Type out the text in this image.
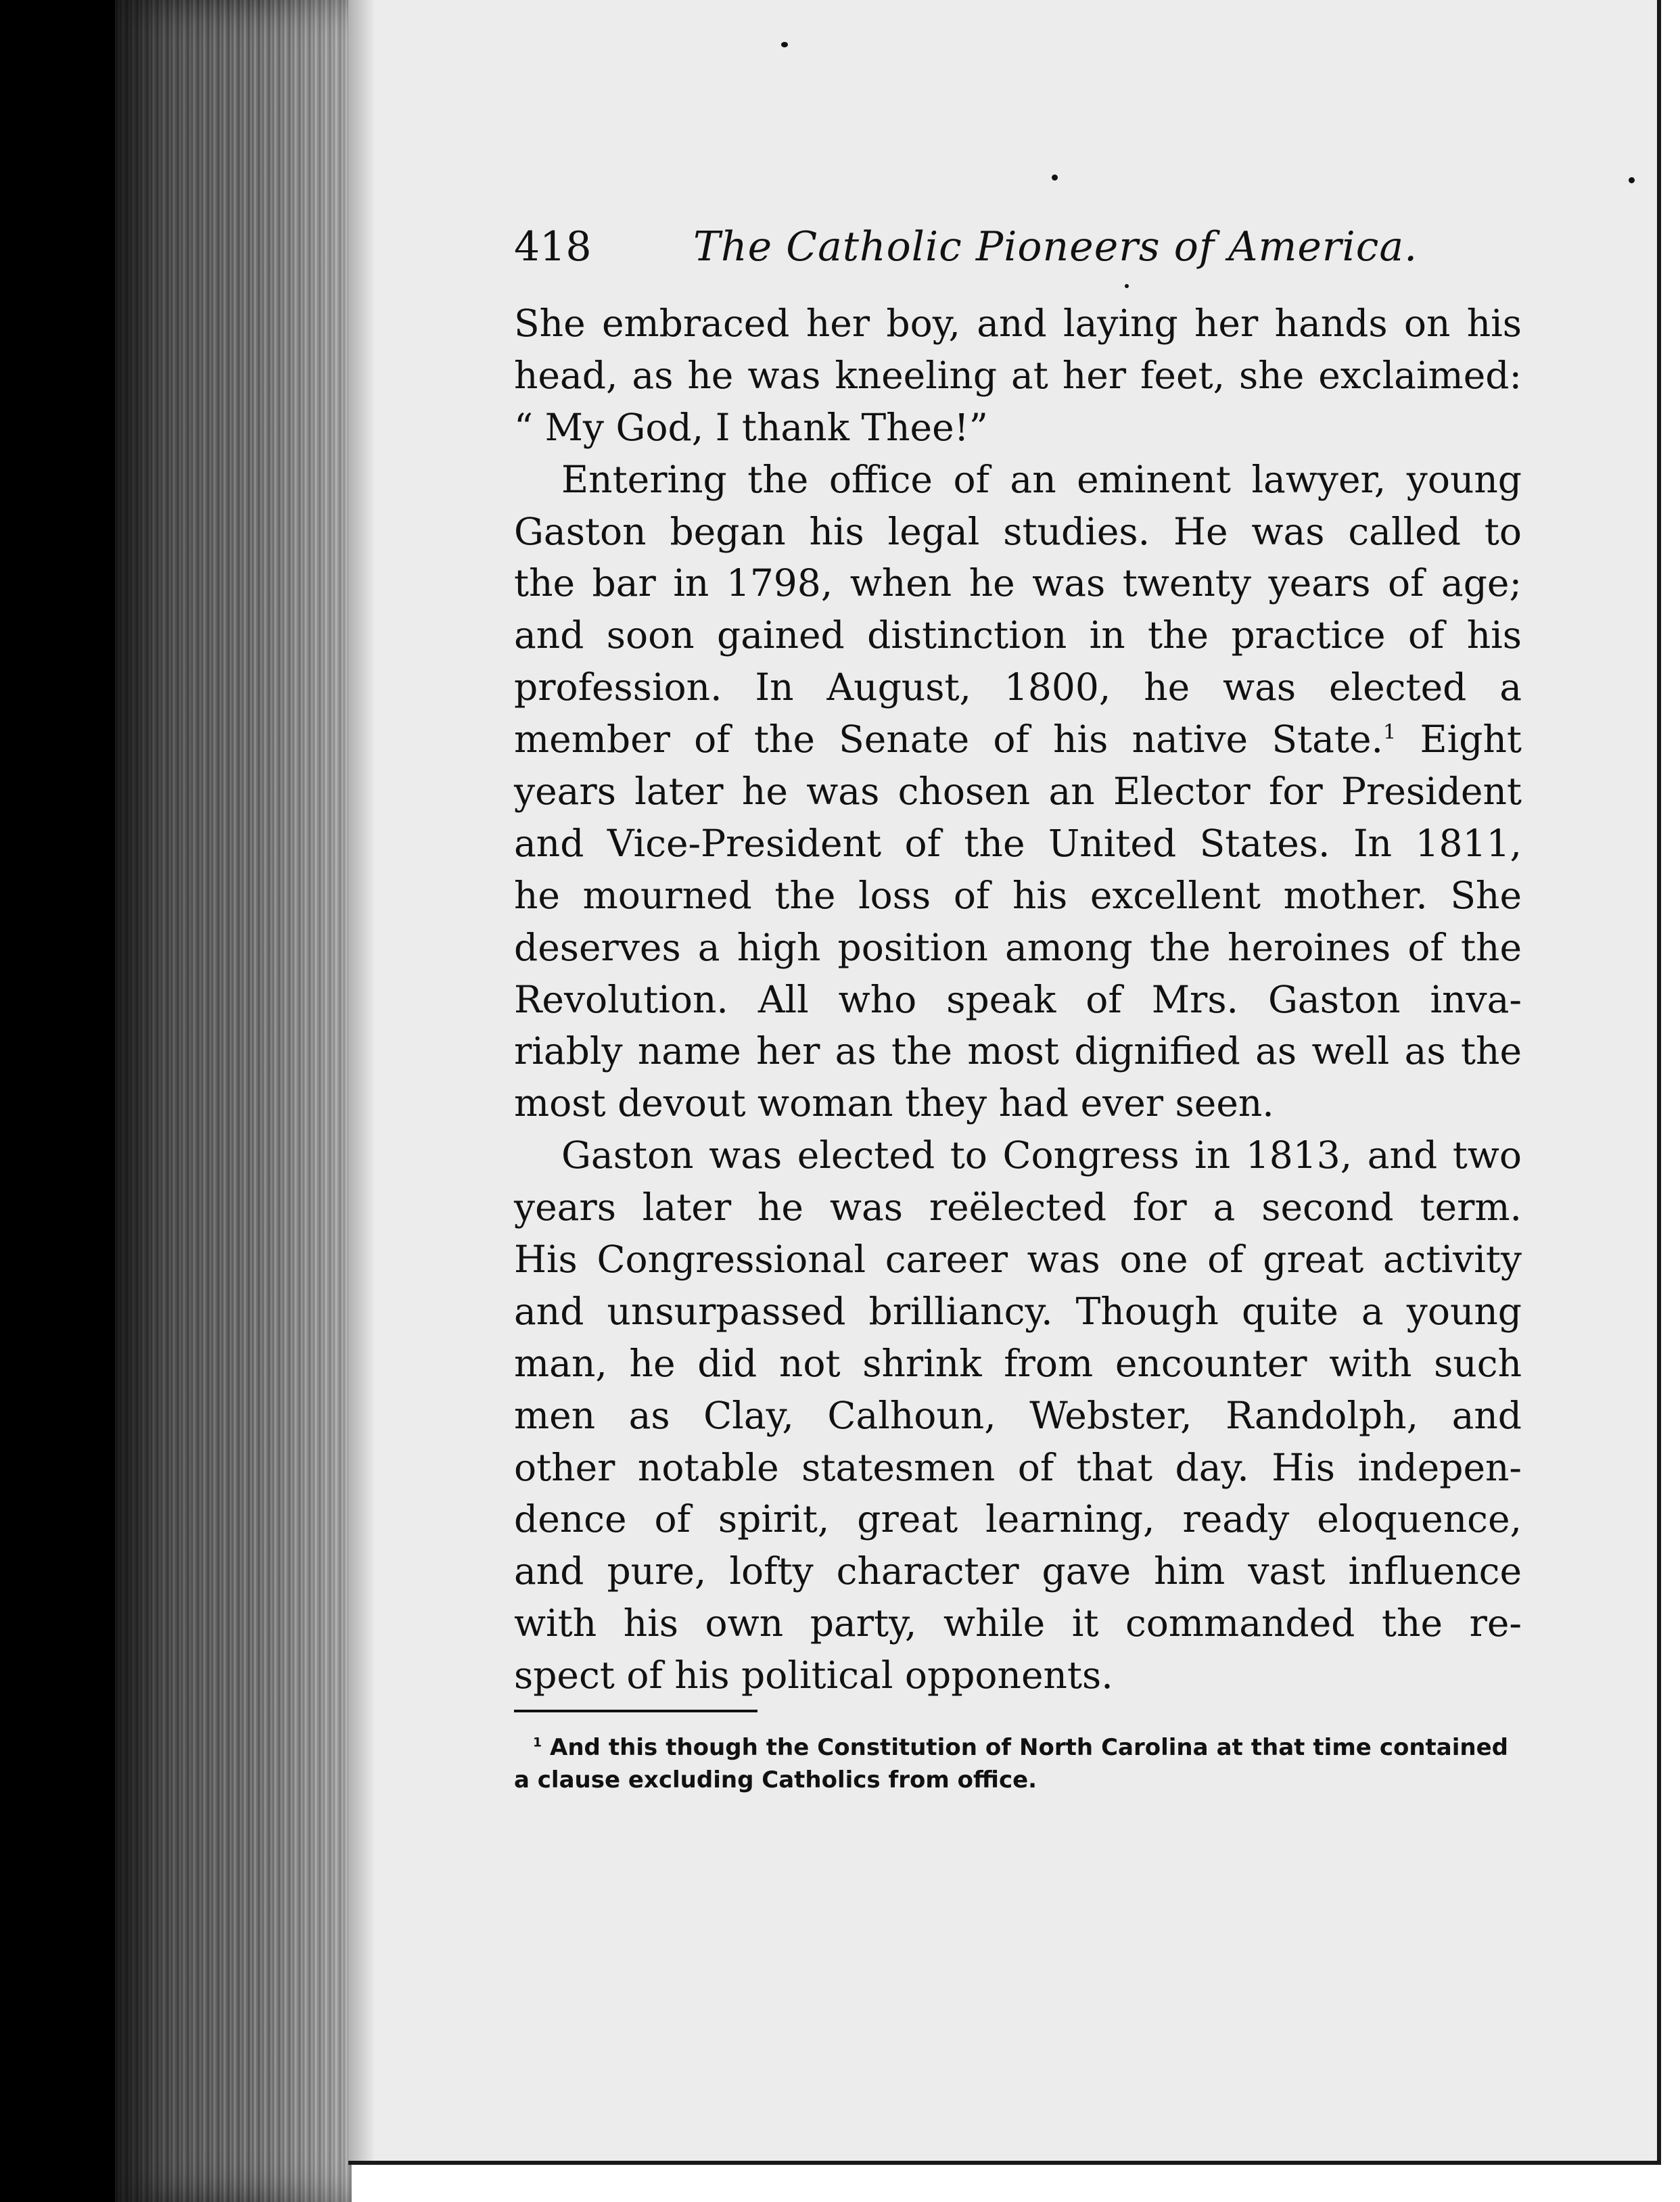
418	The Catholic Pioneers of America.
She embraced her boy, and laying her hands on his
head, as he was kneeling at her feet, she exclaimed:
“ My God, I thank Thee!”
Entering the office of an eminent lawyer, young
Gaston began his legal studies. He was called to
the bar in 1798, when he was twenty years of age;
and soon gained distinction in the practice of his
profession. In August, 1800, he was elected a
member of the Senate of his native State.$^1$ Eight
years later he was chosen an Elector for President
and Vice-President of the United States. In 1811,
he mourned the loss of his excellent mother. She
deserves a high position among the heroines of the
Revolution. All who speak of Mrs. Gaston inva-
riably name her as the most dignified as well as the
most devout woman they had ever seen.
Gaston was elected to Congress in 1813, and two
years later he was reëlected for a second term.
His Congressional career was one of great activity
and unsurpassed brilliancy. Though quite a young
man, he did not shrink from encounter with such
men as Clay, Calhoun, Webster, Randolph, and
other notable statesmen of that day. His indepen-
dence of spirit, great learning, ready eloquence,
and pure, lofty character gave him vast influence
with his own party, while it commanded the re-
spect of his political opponents.
$^1$ And this though the Constitution of North Carolina at that time contained
a clause excluding Catholics from office.
